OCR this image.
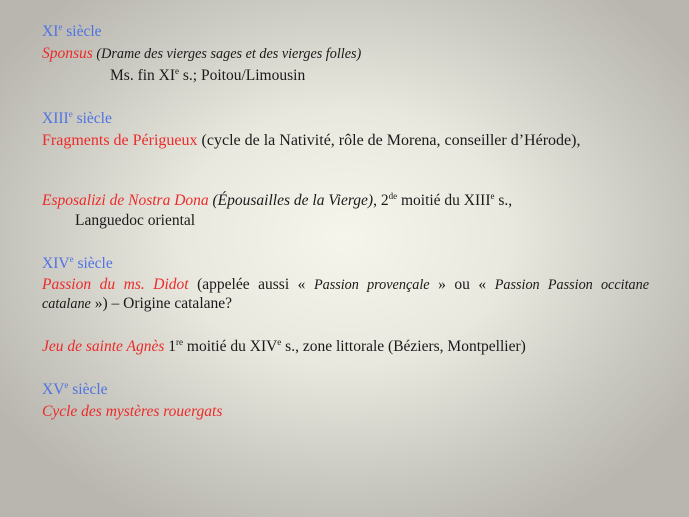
XIe siècle
Sponsus (Drame des vierges sages et des vierges folles)
Ms. fin XIe s.; Poitou/Limousin
XIIIe siècle
Fragments de Périgueux (cycle de la Nativité, rôle de Morena, conseiller d’Hérode),
Esposalizi de Nostra Dona (Épousailles de la Vierge), 2de moitié du XIIIe s.,
Languedoc oriental
XIVe siècle
Passion du ms. Didot (appelée aussi « Passion provençale » ou « Passion Passion occitane
catalane ») – Origine catalane?
Jeu de sainte Agnès 1re moitié du XIVe s., zone littorale (Béziers, Montpellier)
XVe siècle
Cycle des mystères rouergats
